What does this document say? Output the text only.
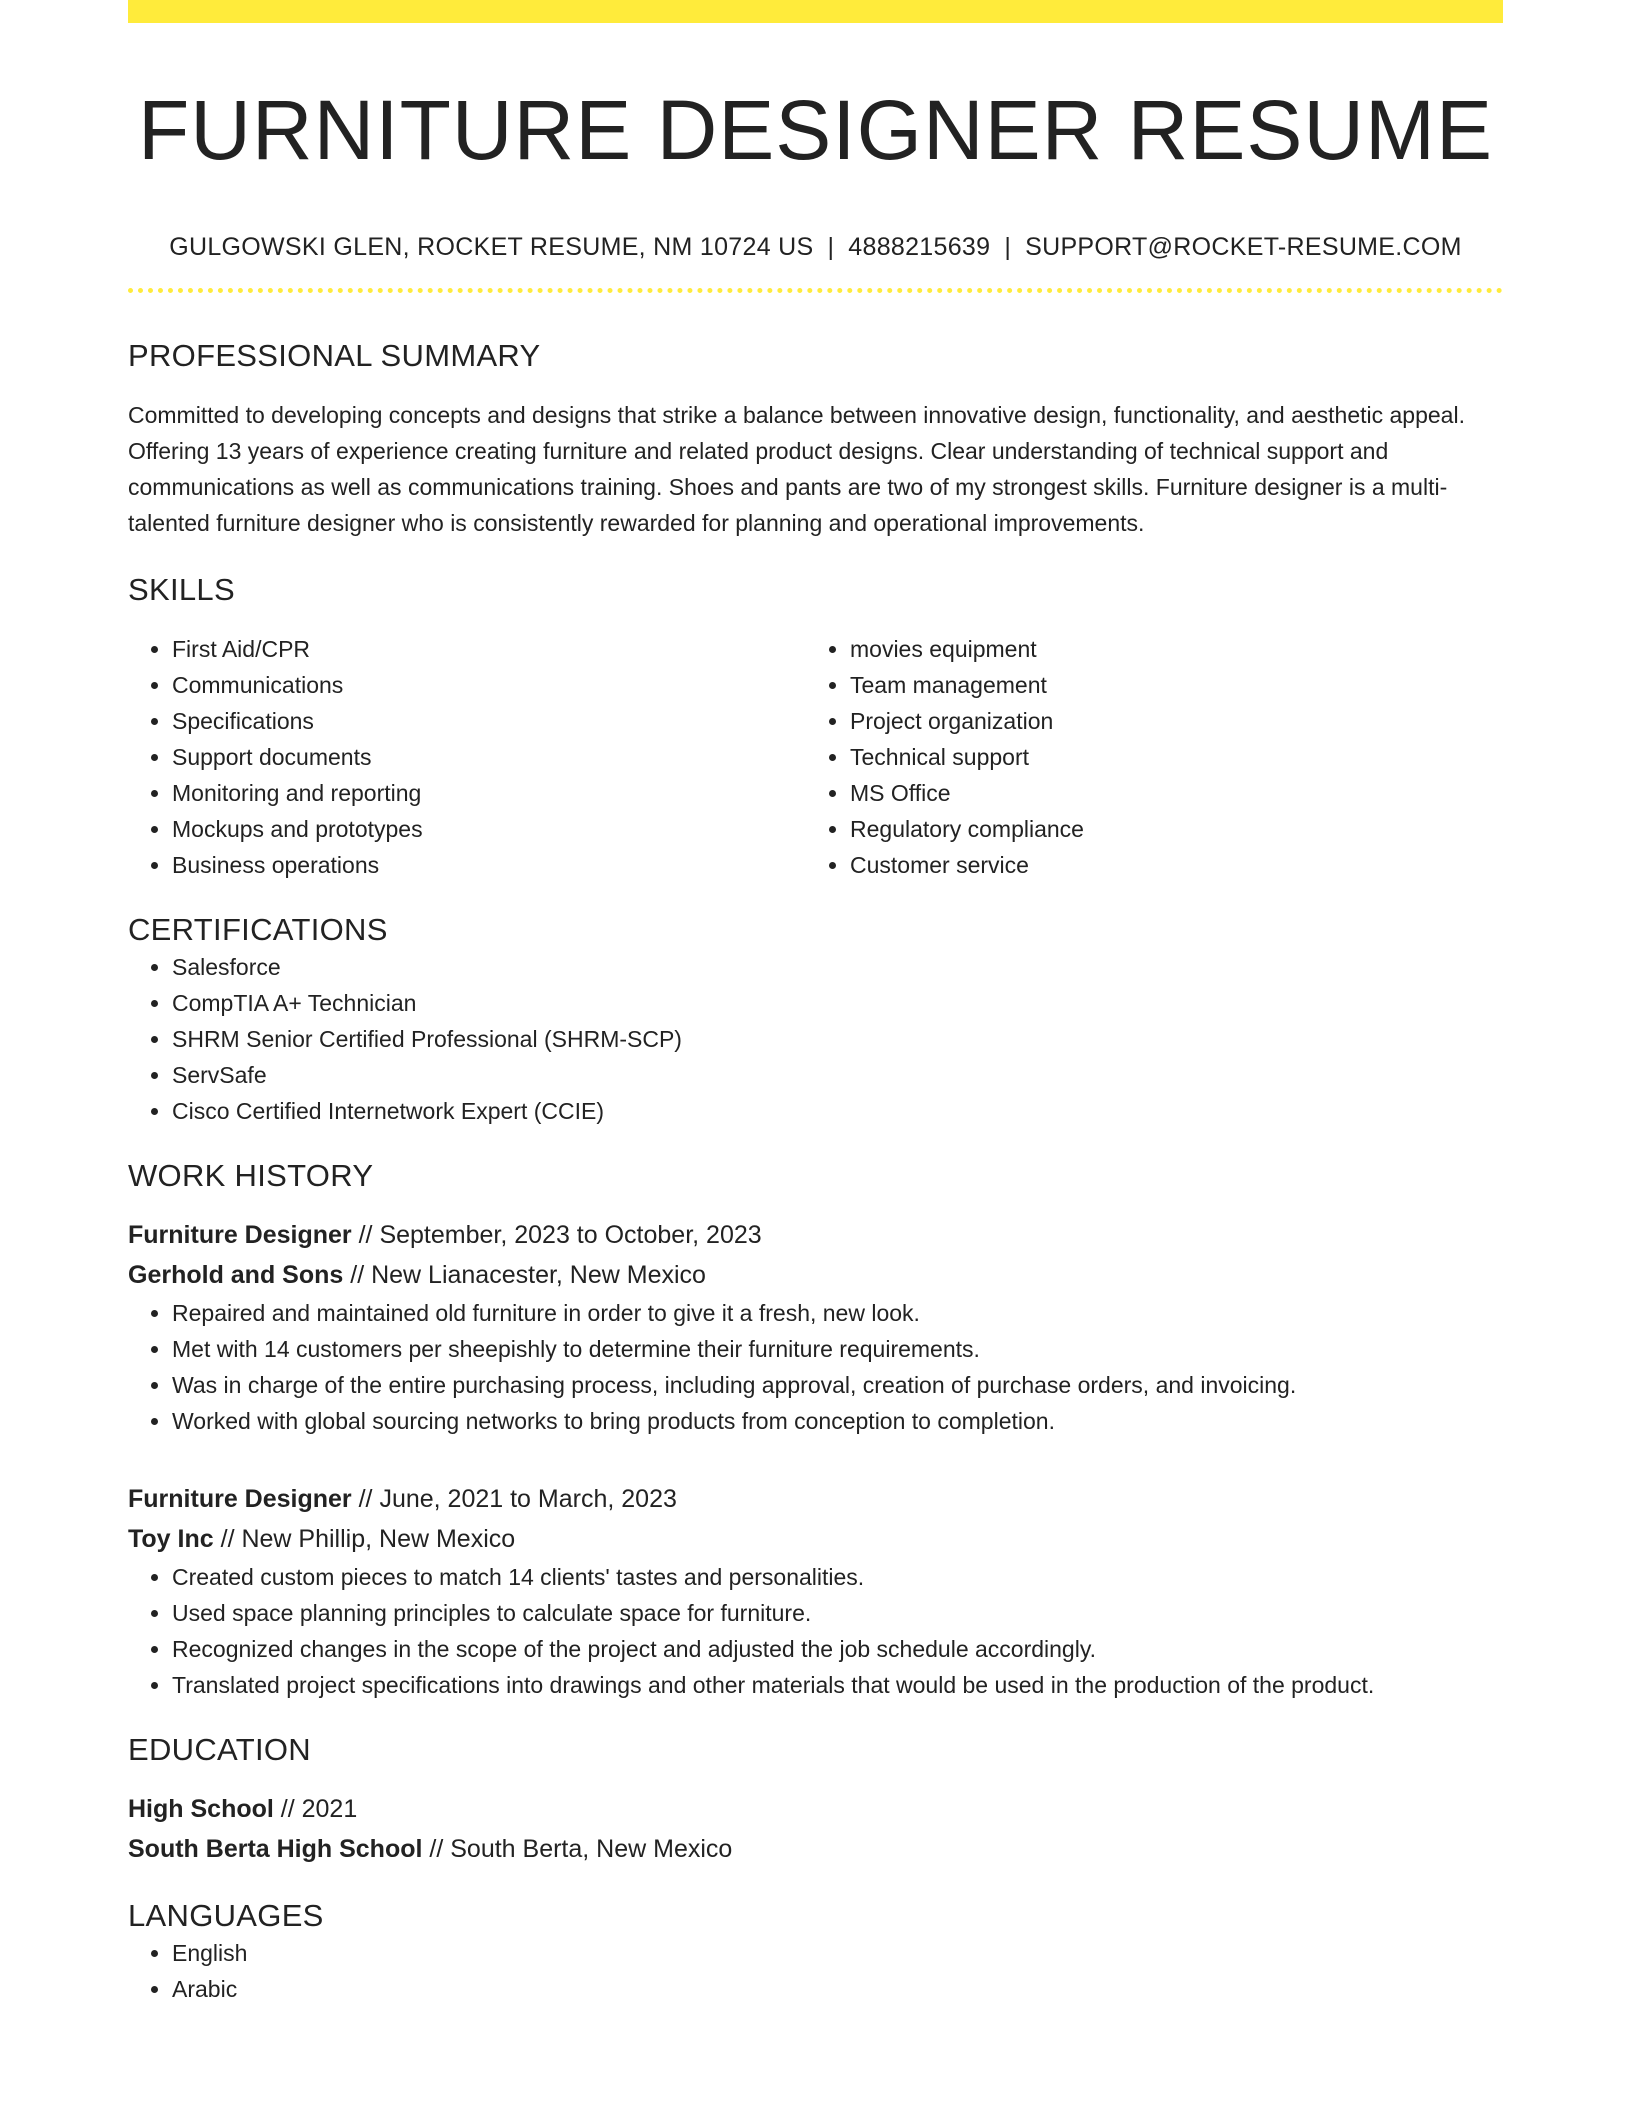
FURNITURE DESIGNER RESUME
GULGOWSKI GLEN, ROCKET RESUME, NM 10724 US | 4888215639 | SUPPORT@ROCKET-RESUME.COM
PROFESSIONAL SUMMARY

Committed to developing concepts and designs that strike a balance between innovative design, functionality, and aesthetic appeal. Offering 13 years of experience creating furniture and related product designs. Clear understanding of technical support and communications as well as communications training. Shoes and pants are two of my strongest skills. Furniture designer is a multi-talented furniture designer who is consistently rewarded for planning and operational improvements.

SKILLS
• First Aid/CPR
• Communications
• Specifications
• Support documents
• Monitoring and reporting
• Mockups and prototypes
• Business operations
• movies equipment
• Team management
• Project organization
• Technical support
• MS Office
• Regulatory compliance
• Customer service
CERTIFICATIONS
• Salesforce
• CompTIA A+ Technician
• SHRM Senior Certified Professional (SHRM-SCP)
• ServSafe
• Cisco Certified Internetwork Expert (CCIE)
WORK HISTORY
Furniture Designer // September, 2023 to October, 2023
Gerhold and Sons // New Lianacester, New Mexico
• Repaired and maintained old furniture in order to give it a fresh, new look.
• Met with 14 customers per sheepishly to determine their furniture requirements.
• Was in charge of the entire purchasing process, including approval, creation of purchase orders, and invoicing.
• Worked with global sourcing networks to bring products from conception to completion.
Furniture Designer // June, 2021 to March, 2023
Toy Inc // New Phillip, New Mexico
• Created custom pieces to match 14 clients' tastes and personalities.
• Used space planning principles to calculate space for furniture.
• Recognized changes in the scope of the project and adjusted the job schedule accordingly.
• Translated project specifications into drawings and other materials that would be used in the production of the product.
EDUCATION
High School // 2021
South Berta High School // South Berta, New Mexico
LANGUAGES
• English
• Arabic
